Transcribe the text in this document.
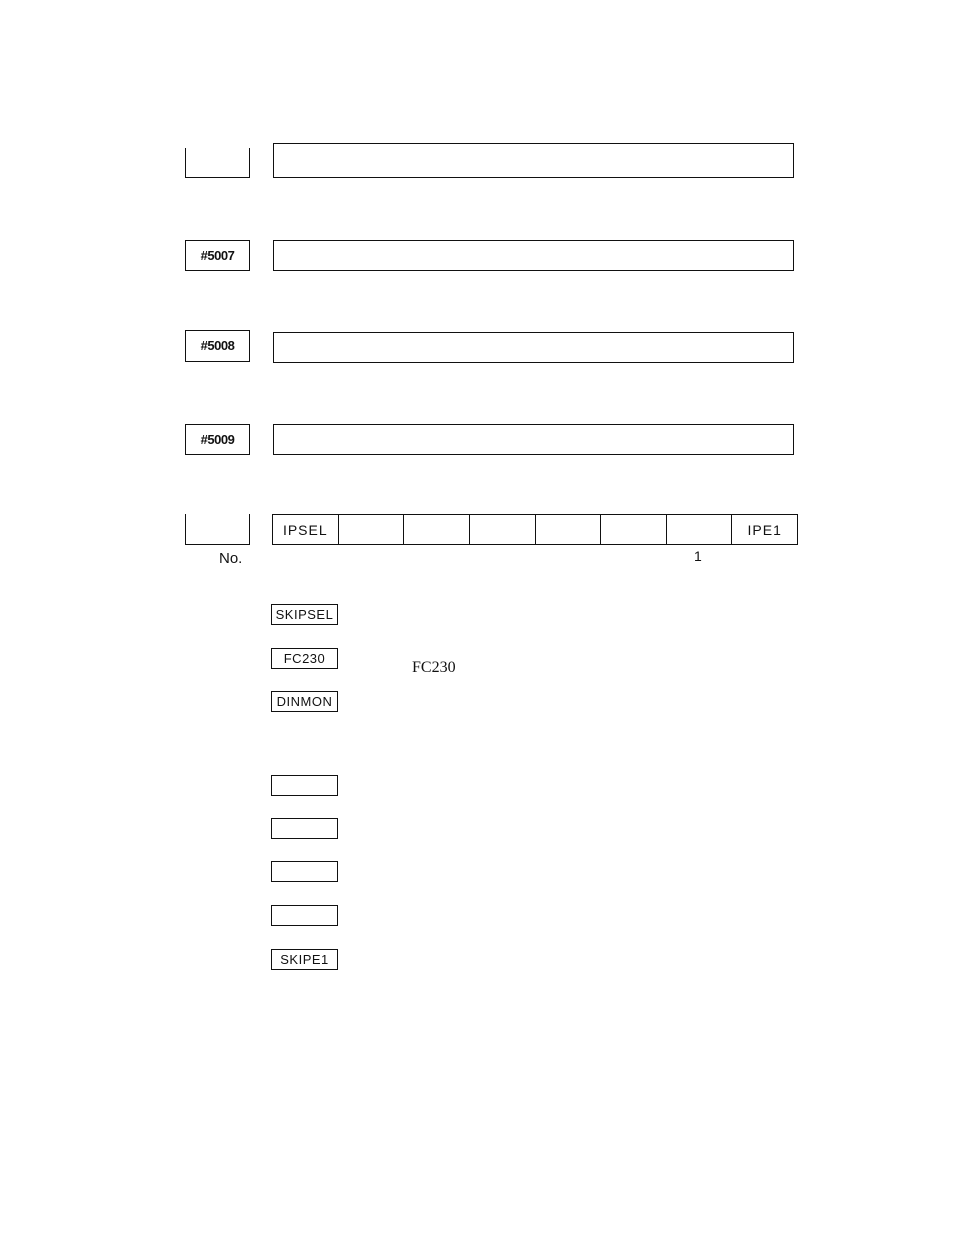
#5007
#5008
#5009
IPSEL	IPE1
No.	1
SKIPSEL
FC230
FC230
DINMON
SKIPE1
